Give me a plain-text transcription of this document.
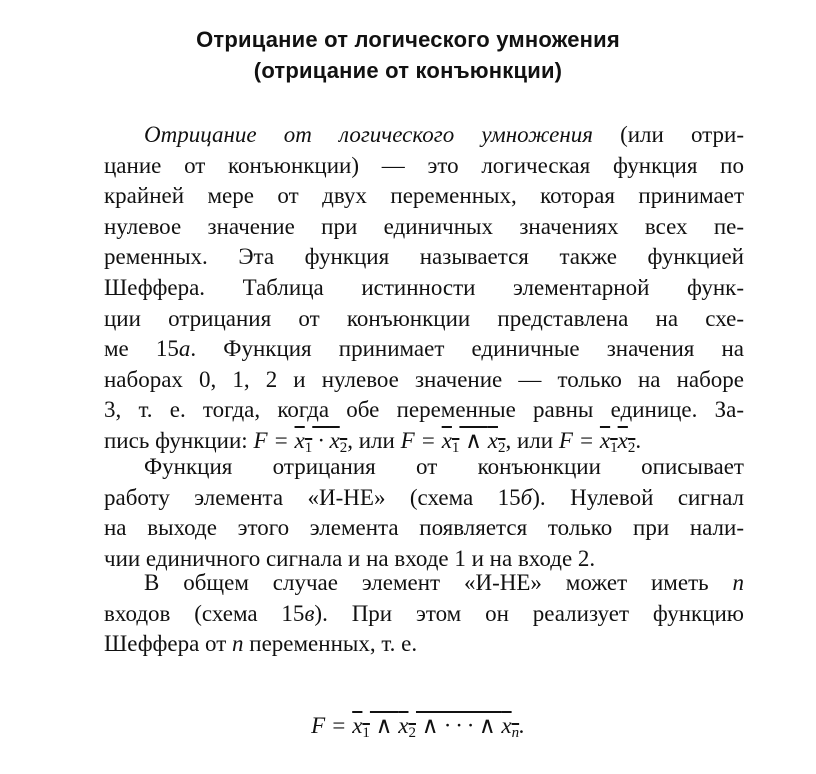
Отрицание от логического умножения
(отрицание от конъюнкции)
Отрицание от логического умножения (или отри-
цание от конъюнкции) — это логическая функция по
крайней мере от двух переменных, которая принимает
нулевое значение при единичных значениях всех пе-
ременных. Эта функция называется также функцией
Шеффера. Таблица истинности элементарной функ-
ции отрицания от конъюнкции представлена на схе-
ме 15а. Функция принимает единичные значения на
наборах 0, 1, 2 и нулевое значение — только на наборе
3, т. е. тогда, когда обе переменные равны единице. За-
пись функции: $F = x_1 \cdot x_2$, или $F = x_1$ ∧ $x_2$, или $F = x_1x_2$.
Функция отрицания от конъюнкции описывает
работу элемента «И-НЕ» (схема 15б). Нулевой сигнал
на выходе этого элемента появляется только при нали-
чии единичного сигнала и на входе 1 и на входе 2.
В общем случае элемент «И-НЕ» может иметь n
входов (схема 15в). При этом он реализует функцию
Шеффера от n переменных, т. е.
$F = x_1$ ∧ $x_2$ ∧ · · · ∧ $x_n$.
